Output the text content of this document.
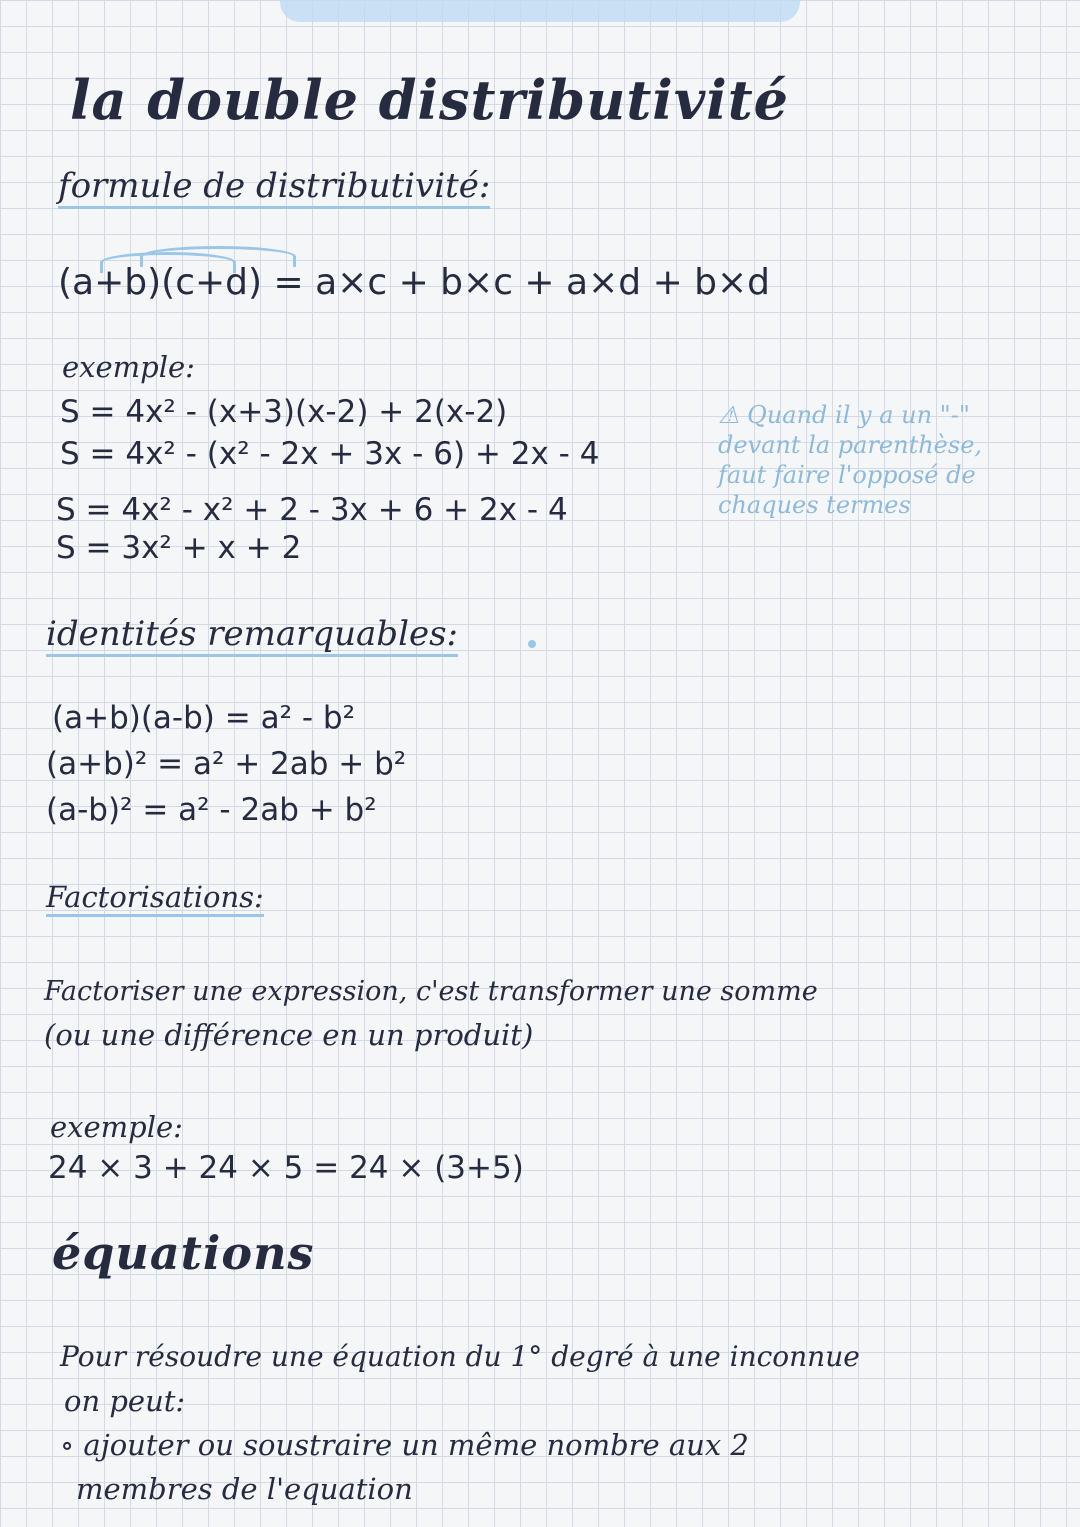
la double distributivité
formule de distributivité:
(a+b)(c+d) = a×c + b×c + a×d + b×d
exemple:
S = 4x² - (x+3)(x-2) + 2(x-2)
S = 4x² - (x² - 2x + 3x - 6) + 2x - 4
S = 4x² - x² + 2 - 3x + 6 + 2x - 4
S = 3x² + x + 2
⚠ Quand il y a un "-"
devant la parenthèse,
faut faire l'opposé de
chaques termes
identités remarquables:
(a+b)(a-b) = a² - b²
(a+b)² = a² + 2ab + b²
(a-b)² = a² - 2ab + b²
Factorisations:
Factoriser une expression, c'est transformer une somme
(ou une différence en un produit)
exemple:
24 × 3 + 24 × 5 = 24 × (3+5)
équations
Pour résoudre une équation du 1° degré à une inconnue
on peut:
∘ ajouter ou soustraire un même nombre aux 2
membres de l'equation
